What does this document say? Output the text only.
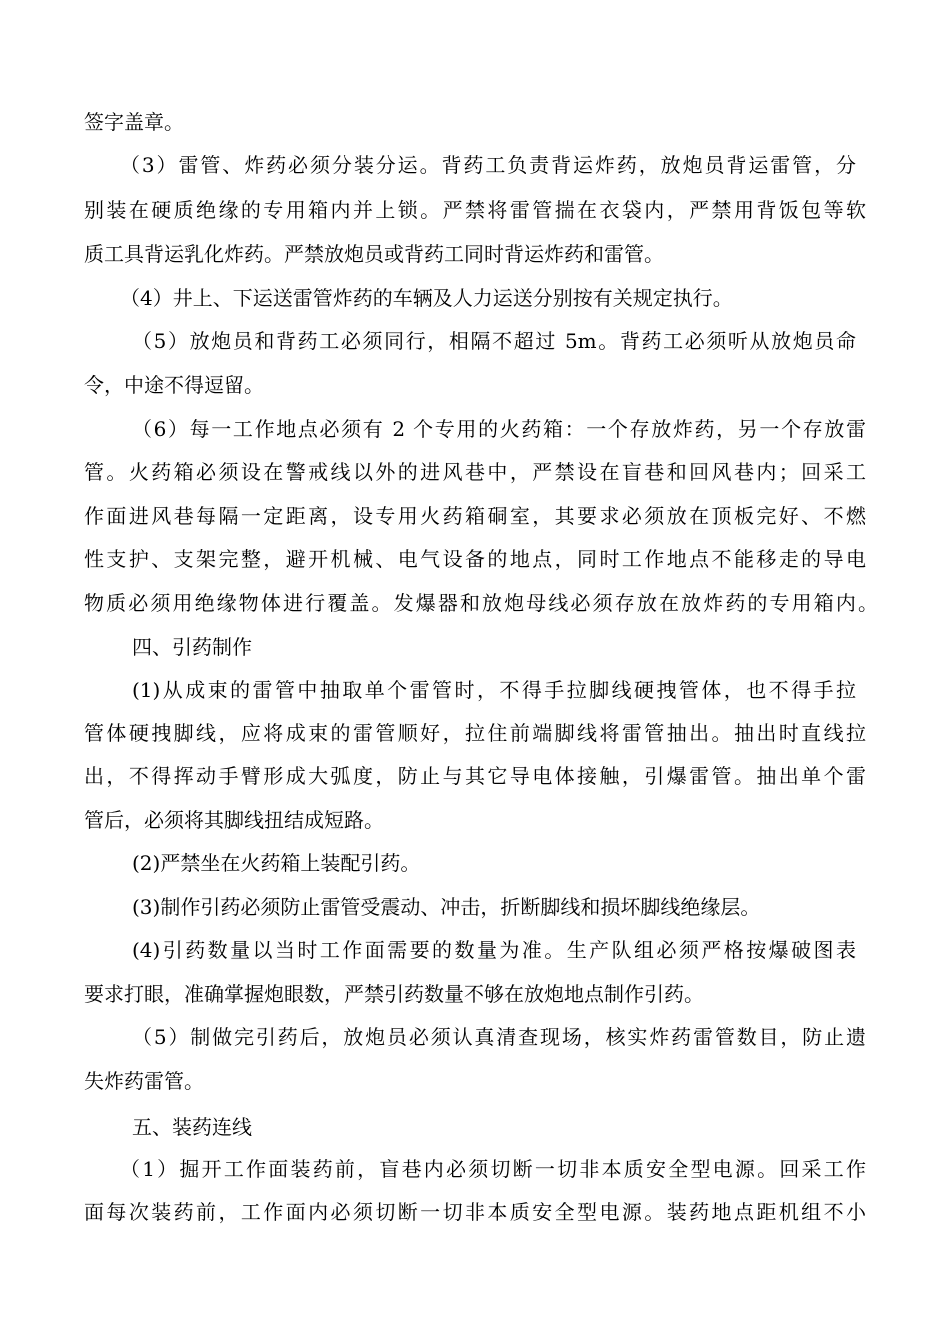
签字盖章。
（3）雷管、炸药必须分装分运。背药工负责背运炸药，放炮员背运雷管，分
别装在硬质绝缘的专用箱内并上锁。严禁将雷管揣在衣袋内，严禁用背饭包等软
质工具背运乳化炸药。严禁放炮员或背药工同时背运炸药和雷管。
（4）井上、下运送雷管炸药的车辆及人力运送分别按有关规定执行。
（5）放炮员和背药工必须同行，相隔不超过 5m。背药工必须听从放炮员命
令，中途不得逗留。
（6）每一工作地点必须有 2 个专用的火药箱：一个存放炸药，另一个存放雷
管。火药箱必须设在警戒线以外的进风巷中，严禁设在盲巷和回风巷内；回采工
作面进风巷每隔一定距离，设专用火药箱硐室，其要求必须放在顶板完好、不燃
性支护、支架完整，避开机械、电气设备的地点，同时工作地点不能移走的导电
物质必须用绝缘物体进行覆盖。发爆器和放炮母线必须存放在放炸药的专用箱内。
四、引药制作
(1)从成束的雷管中抽取单个雷管时，不得手拉脚线硬拽管体，也不得手拉
管体硬拽脚线，应将成束的雷管顺好，拉住前端脚线将雷管抽出。抽出时直线拉
出，不得挥动手臂形成大弧度，防止与其它导电体接触，引爆雷管。抽出单个雷
管后，必须将其脚线扭结成短路。
(2)严禁坐在火药箱上装配引药。
(3)制作引药必须防止雷管受震动、冲击，折断脚线和损坏脚线绝缘层。
(4)引药数量以当时工作面需要的数量为准。生产队组必须严格按爆破图表
要求打眼，准确掌握炮眼数，严禁引药数量不够在放炮地点制作引药。
（5）制做完引药后，放炮员必须认真清查现场，核实炸药雷管数目，防止遗
失炸药雷管。
五、装药连线
（1）掘开工作面装药前，盲巷内必须切断一切非本质安全型电源。回采工作
面每次装药前，工作面内必须切断一切非本质安全型电源。装药地点距机组不小
